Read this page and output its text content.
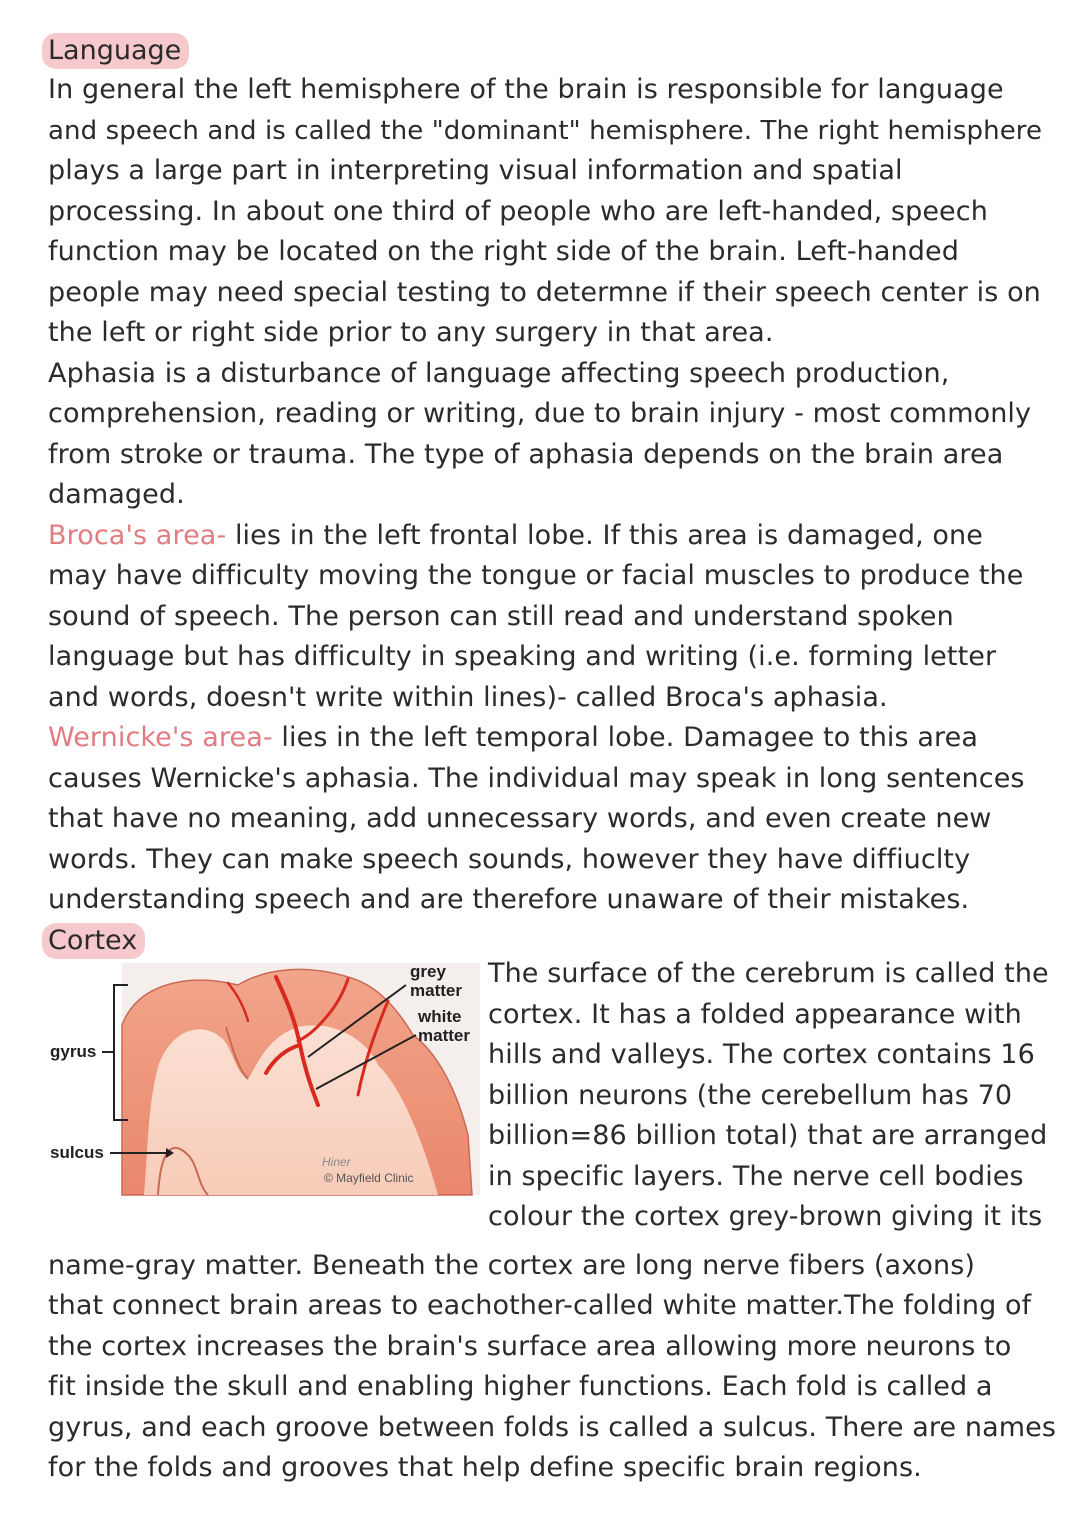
Language
In general the left hemisphere of the brain is responsible for language
and speech and is called the "dominant" hemisphere. The right hemisphere
plays a large part in interpreting visual information and spatial
processing. In about one third of people who are left-handed, speech
function may be located on the right side of the brain. Left-handed
people may need special testing to determne if their speech center is on
the left or right side prior to any surgery in that area.
Aphasia is a disturbance of language affecting speech production,
comprehension, reading or writing, due to brain injury - most commonly
from stroke or trauma. The type of aphasia depends on the brain area
damaged.
Broca's area- lies in the left frontal lobe. If this area is damaged, one
may have difficulty moving the tongue or facial muscles to produce the
sound of speech. The person can still read and understand spoken
language but has difficulty in speaking and writing (i.e. forming letter
and words, doesn't write within lines)- called Broca's aphasia.
Wernicke's area- lies in the left temporal lobe. Damagee to this area
causes Wernicke's aphasia. The individual may speak in long sentences
that have no meaning, add unnecessary words, and even create new
words. They can make speech sounds, however they have diffiuclty
understanding speech and are therefore unaware of their mistakes.
Cortex
grey
matter
white
matter
gyrus
sulcus	Hiner
© Mayfield Clinic
The surface of the cerebrum is called the
cortex. It has a folded appearance with
hills and valleys. The cortex contains 16
billion neurons (the cerebellum has 70
billion=86 billion total) that are arranged
in specific layers. The nerve cell bodies
colour the cortex grey-brown giving it its
name-gray matter. Beneath the cortex are long nerve fibers (axons)
that connect brain areas to eachother-called white matter.The folding of
the cortex increases the brain's surface area allowing more neurons to
fit inside the skull and enabling higher functions. Each fold is called a
gyrus, and each groove between folds is called a sulcus. There are names
for the folds and grooves that help define specific brain regions.
